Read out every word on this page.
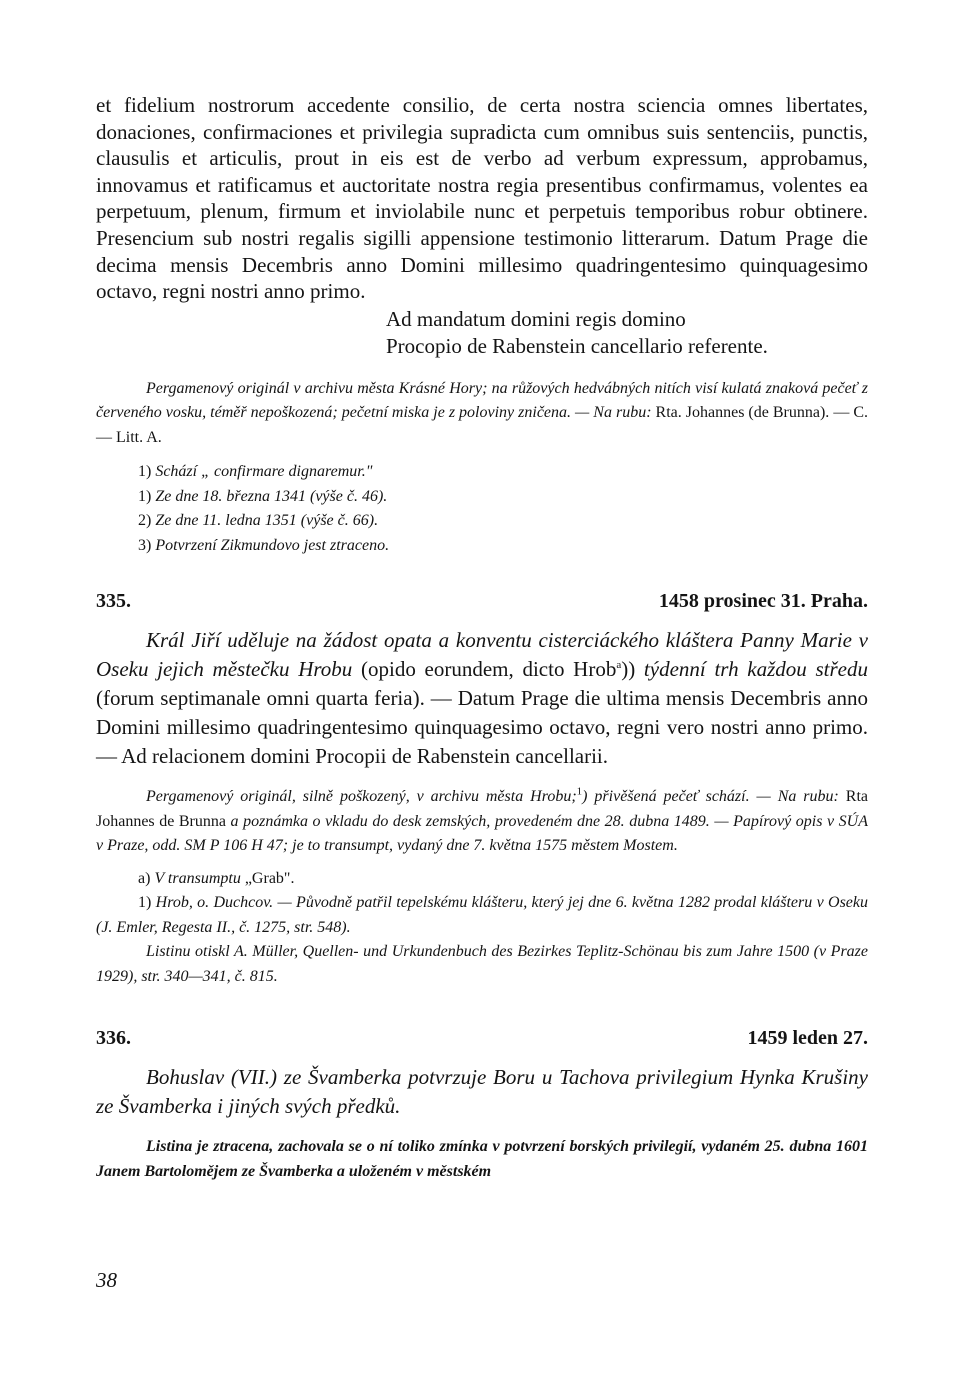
et fidelium nostrorum accedente consilio, de certa nostra sciencia omnes libertates, donaciones, confirmaciones et privilegia supradicta cum omnibus suis sentenciis, punctis, clausulis et articulis, prout in eis est de verbo ad verbum expressum, approbamus, innovamus et ratificamus et auctoritate nostra regia presentibus confirmamus, volentes ea perpetuum, plenum, firmum et inviolabile nunc et perpetuis temporibus robur obtinere. Presencium sub nostri regalis sigilli appensione testimonio litterarum. Datum Prage die decima mensis Decembris anno Domini millesimo quadringentesimo quinquagesimo octavo, regni nostri anno primo.

Ad mandatum domini regis domino
Procopio de Rabenstein cancellario referente.

Pergamenový originál v archivu města Krásné Hory; na růžových hedvábných nitích visí kulatá znaková pečeť z červeného vosku, téměř nepoškozená; pečetní miska je z poloviny zničena. — Na rubu: Rta. Johannes (de Brunna). — C. — Litt. A.

1) Schází „ confirmare dignaremur."
1) Ze dne 18. března 1341 (výše č. 46).
2) Ze dne 11. ledna 1351 (výše č. 66).
3) Potvrzení Zikmundovo jest ztraceno.
335.	1458 prosinec 31. Praha.

Král Jiří uděluje na žádost opata a konventu cisterciáckého kláštera Panny Marie v Oseku jejich městečku Hrobu (opido eorundem, dicto Hrob$^a$)) týdenní trh každou středu (forum septimanale omni quarta feria). — Datum Prage die ultima mensis Decembris anno Domini millesimo quadringentesimo quinquagesimo octavo, regni vero nostri anno primo. — Ad relacionem domini Procopii de Rabenstein cancellarii.

Pergamenový originál, silně poškozený, v archivu města Hrobu;$^1$) přivěšená pečeť schází. — Na rubu: Rta Johannes de Brunna a poznámka o vkladu do desk zemských, provedeném dne 28. dubna 1489. — Papírový opis v SÚA v Praze, odd. SM P 106 H 47; je to transumpt, vydaný dne 7. května 1575 městem Mostem.

a) V transumptu „Grab".
1) Hrob, o. Duchcov. — Původně patřil tepelskému klášteru, který jej dne 6. května 1282 prodal klášteru v Oseku (J. Emler, Regesta II., č. 1275, str. 548).

Listinu otiskl A. Müller, Quellen- und Urkundenbuch des Bezirkes Teplitz-Schönau bis zum Jahre 1500 (v Praze 1929), str. 340—341, č. 815.

336.	1459 leden 27.

Bohuslav (VII.) ze Švamberka potvrzuje Boru u Tachova privilegium Hynka Krušiny ze Švamberka i jiných svých předků.

Listina je ztracena, zachovala se o ní toliko zmínka v potvrzení borských privilegií, vydaném 25. dubna 1601 Janem Bartolomějem ze Švamberka a uloženém v městském

38
